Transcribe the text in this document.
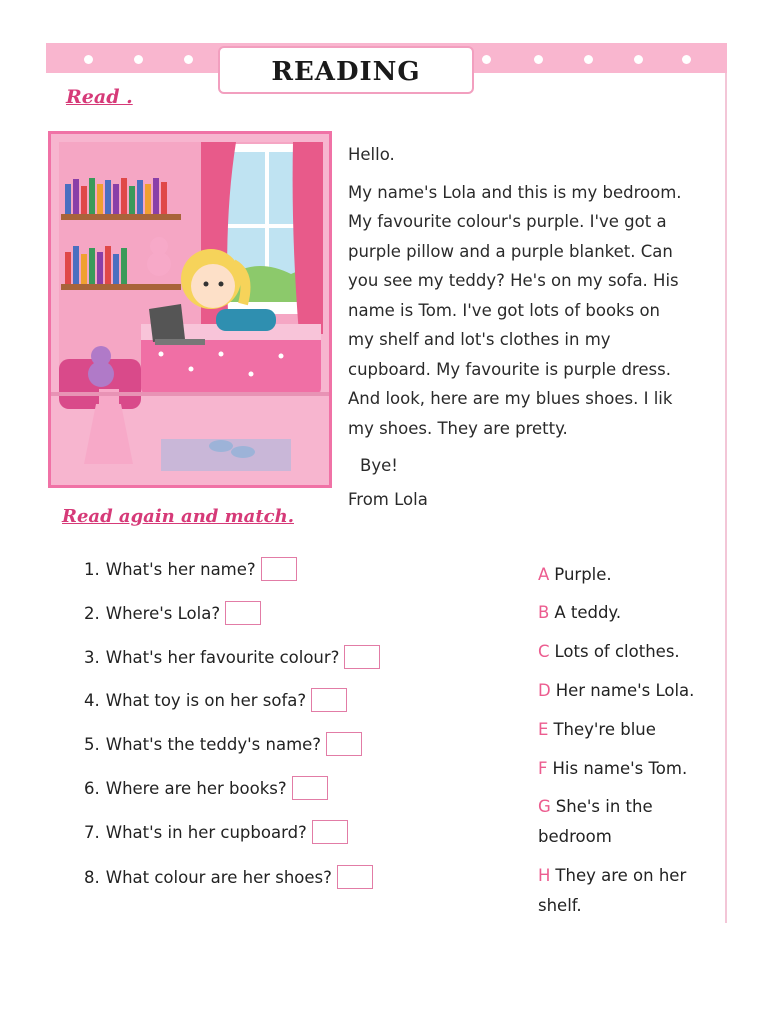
READING
Read .

Hello.

My name's Lola and this is my bedroom.

My favourite colour's purple. I've got a

purple pillow and a purple blanket. Can

you see my teddy? He's on my sofa. His

name is Tom. I've got lots of books on

my shelf and lot's clothes in my

cupboard. My favourite is purple dress.

And look, here are my blues shoes. I lik

my shoes. They are pretty.

Bye!

From Lola

Read again and match.
1. What's her name?
2. Where's Lola?
3. What's her favourite colour?
4. What toy is on her sofa?
5. What's the teddy's name?
6. Where are her books?
7. What's in her cupboard?
8. What colour are her shoes?
A Purple.
B A teddy.
C Lots of clothes.
D Her name's Lola.
E They're blue
F His name's Tom.
G She's in the bedroom
H They are on her shelf.
